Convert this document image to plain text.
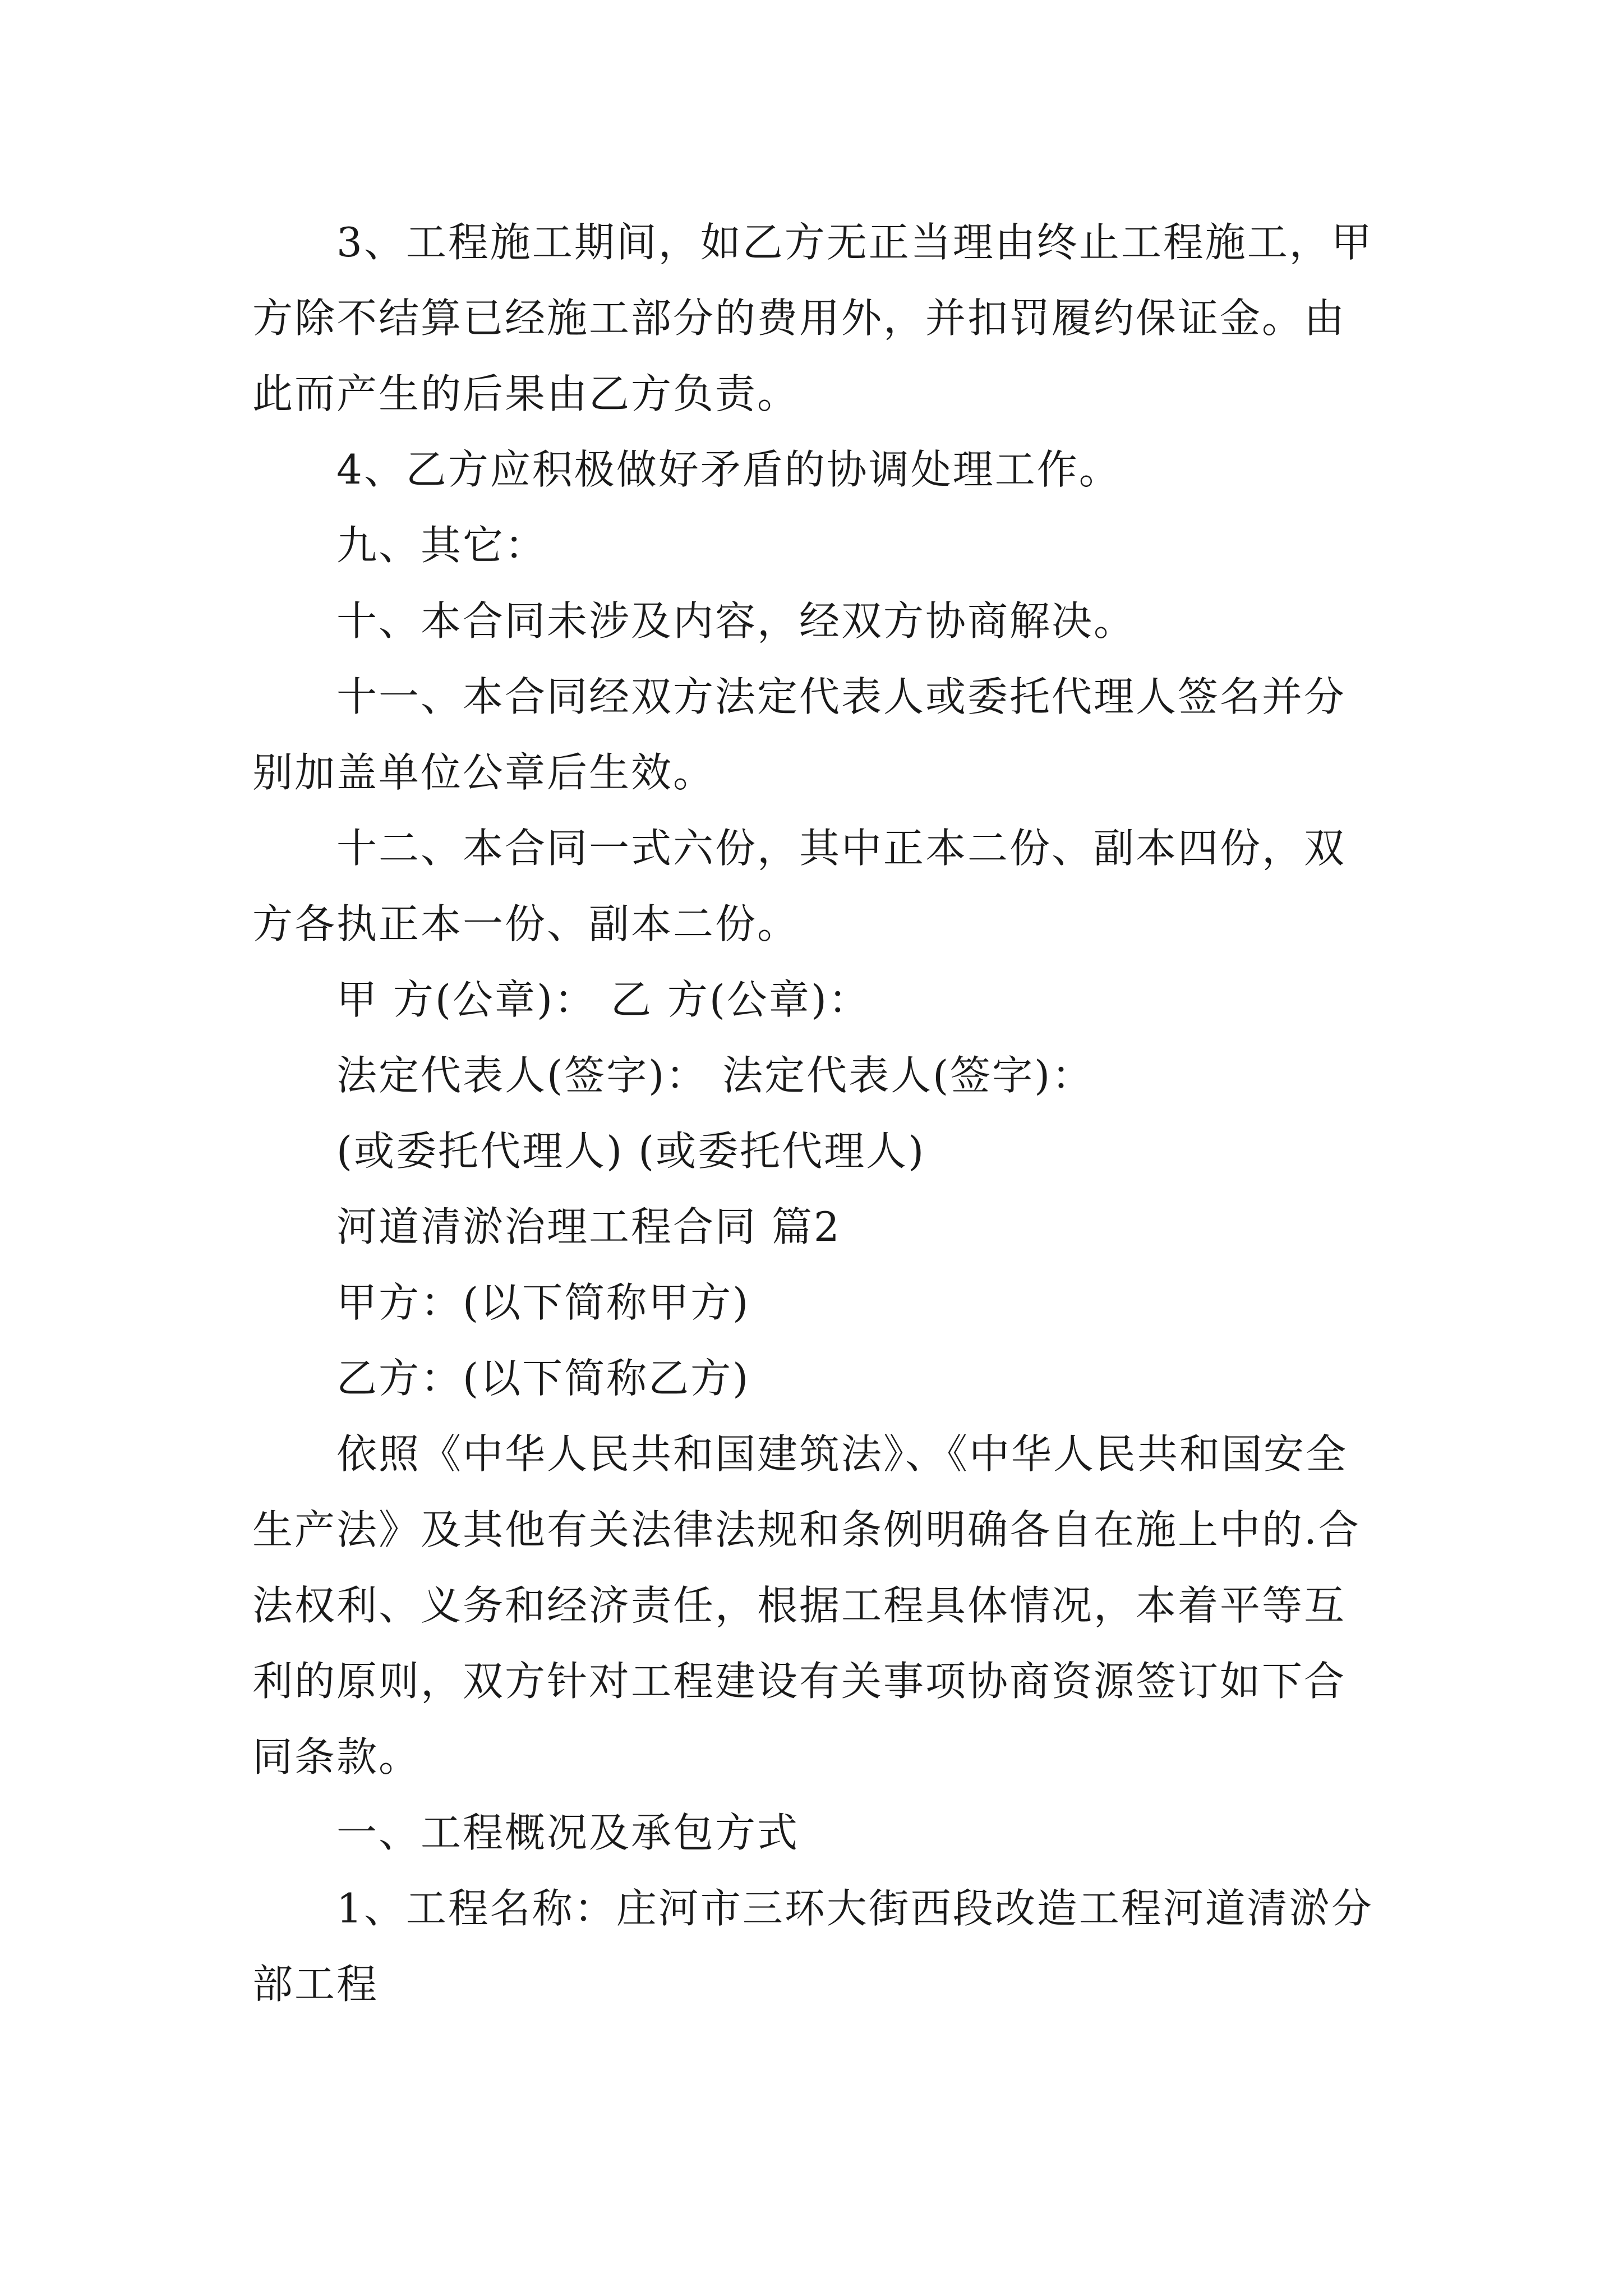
3、工程施工期间，如乙方无正当理由终止工程施工，甲方除不结算已经施工部分的费用外，并扣罚履约保证金。由此而产生的后果由乙方负责。

4、乙方应积极做好矛盾的协调处理工作。

九、其它：

十、本合同未涉及内容，经双方协商解决。

十一、本合同经双方法定代表人或委托代理人签名并分别加盖单位公章后生效。

十二、本合同一式六份，其中正本二份、副本四份，双方各执正本一份、副本二份。

甲 方(公章)： 乙 方(公章)：

法定代表人(签字)： 法定代表人(签字)：

(或委托代理人) (或委托代理人)

河道清淤治理工程合同 篇2

甲方：(以下简称甲方)

乙方：(以下简称乙方)

依照《中华人民共和国建筑法》、《中华人民共和国安全生产法》及其他有关法律法规和条例明确各自在施上中的.合法权利、义务和经济责任，根据工程具体情况，本着平等互利的原则，双方针对工程建设有关事项协商资源签订如下合同条款。

一、工程概况及承包方式

1、工程名称：庄河市三环大街西段改造工程河道清淤分部工程
